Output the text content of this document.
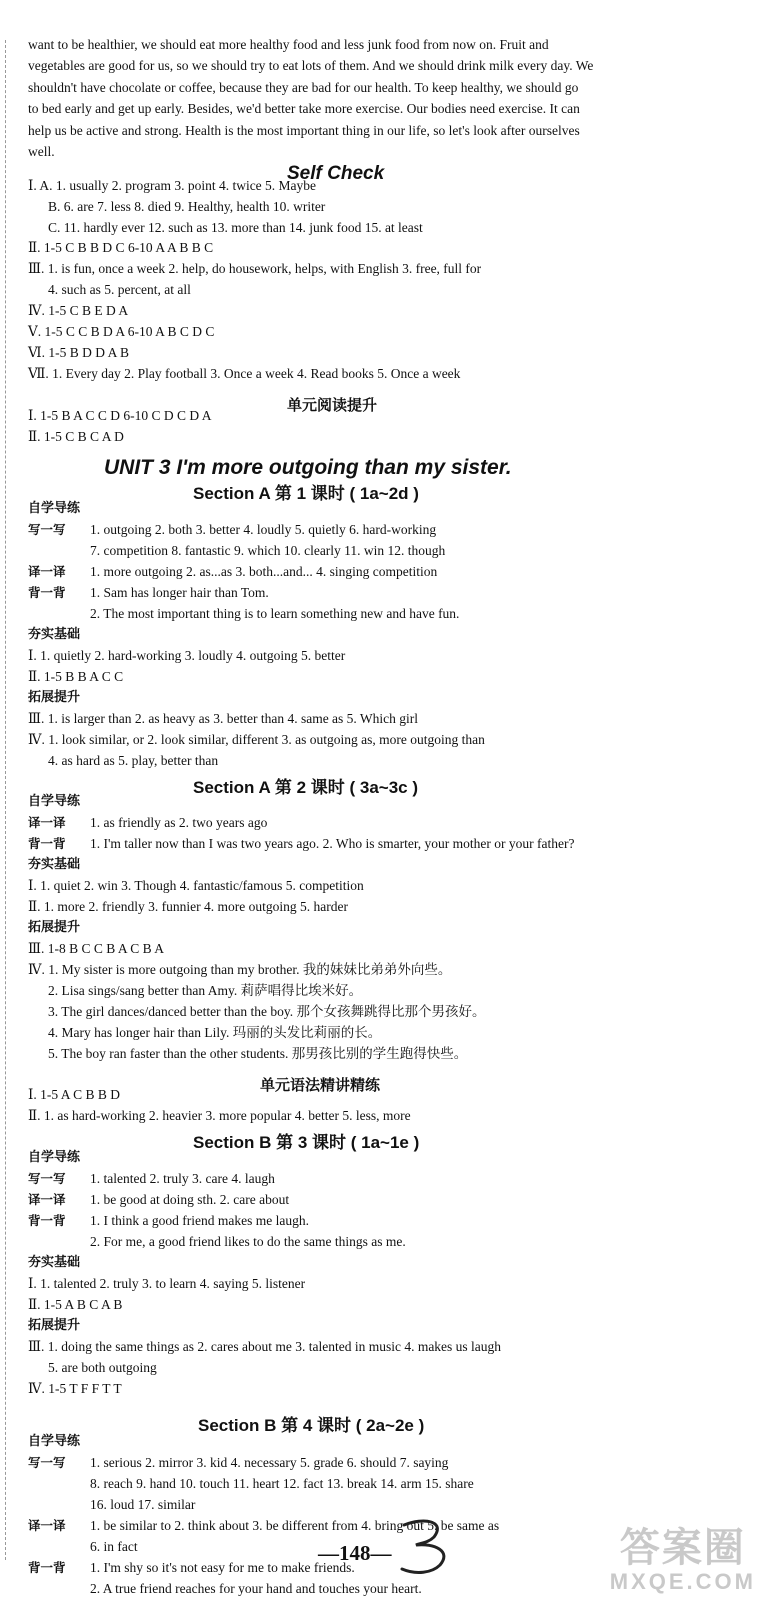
want to be healthier, we should eat more healthy food and less junk food from now on. Fruit and
vegetables are good for us, so we should try to eat lots of them. And we should drink milk every day. We
shouldn't have chocolate or coffee, because they are bad for our health. To keep healthy, we should go
to bed early and get up early. Besides, we'd better take more exercise. Our bodies need exercise. It can
help us be active and strong. Health is the most important thing in our life, so let's look after ourselves
well.
Self Check
Ⅰ. A. 1. usually 2. program 3. point 4. twice 5. Maybe
B. 6. are 7. less 8. died 9. Healthy, health 10. writer
C. 11. hardly ever 12. such as 13. more than 14. junk food 15. at least
Ⅱ. 1-5 C B B D C 6-10 A A B B C
Ⅲ. 1. is fun, once a week 2. help, do housework, helps, with English 3. free, full for
4. such as 5. percent, at all
Ⅳ. 1-5 C B E D A
Ⅴ. 1-5 C C B D A 6-10 A B C D C
Ⅵ. 1-5 B D D A B
Ⅶ. 1. Every day 2. Play football 3. Once a week 4. Read books 5. Once a week
单元阅读提升
Ⅰ. 1-5 B A C C D 6-10 C D C D A
Ⅱ. 1-5 C B C A D
UNIT 3 I'm more outgoing than my sister.
Section A 第 1 课时 ( 1a~2d )
自学导练
写一写 1. outgoing 2. both 3. better 4. loudly 5. quietly 6. hard-working
7. competition 8. fantastic 9. which 10. clearly 11. win 12. though
译一译 1. more outgoing 2. as...as 3. both...and... 4. singing competition
背一背 1. Sam has longer hair than Tom.
2. The most important thing is to learn something new and have fun.
夯实基础
Ⅰ. 1. quietly 2. hard-working 3. loudly 4. outgoing 5. better
Ⅱ. 1-5 B B A C C
拓展提升
Ⅲ. 1. is larger than 2. as heavy as 3. better than 4. same as 5. Which girl
Ⅳ. 1. look similar, or 2. look similar, different 3. as outgoing as, more outgoing than
4. as hard as 5. play, better than
Section A 第 2 课时 ( 3a~3c )
自学导练
译一译 1. as friendly as 2. two years ago
背一背 1. I'm taller now than I was two years ago. 2. Who is smarter, your mother or your father?
夯实基础
Ⅰ. 1. quiet 2. win 3. Though 4. fantastic/famous 5. competition
Ⅱ. 1. more 2. friendly 3. funnier 4. more outgoing 5. harder
拓展提升
Ⅲ. 1-8 B C C B A C B A
Ⅳ. 1. My sister is more outgoing than my brother. 我的妹妹比弟弟外向些。
2. Lisa sings/sang better than Amy. 莉萨唱得比埃米好。
3. The girl dances/danced better than the boy. 那个女孩舞跳得比那个男孩好。
4. Mary has longer hair than Lily. 玛丽的头发比莉丽的长。
5. The boy ran faster than the other students. 那男孩比别的学生跑得快些。
单元语法精讲精练
Ⅰ. 1-5 A C B B D
Ⅱ. 1. as hard-working 2. heavier 3. more popular 4. better 5. less, more
Section B 第 3 课时 ( 1a~1e )
自学导练
写一写 1. talented 2. truly 3. care 4. laugh
译一译 1. be good at doing sth. 2. care about
背一背 1. I think a good friend makes me laugh.
2. For me, a good friend likes to do the same things as me.
夯实基础
Ⅰ. 1. talented 2. truly 3. to learn 4. saying 5. listener
Ⅱ. 1-5 A B C A B
拓展提升
Ⅲ. 1. doing the same things as 2. cares about me 3. talented in music 4. makes us laugh
5. are both outgoing
Ⅳ. 1-5 T F F T T
Section B 第 4 课时 ( 2a~2e )
自学导练
写一写 1. serious 2. mirror 3. kid 4. necessary 5. grade 6. should 7. saying
8. reach 9. hand 10. touch 11. heart 12. fact 13. break 14. arm 15. share
16. loud 17. similar
译一译 1. be similar to 2. think about 3. be different from 4. bring out 5. be same as
6. in fact
背一背 1. I'm shy so it's not easy for me to make friends.
2. A true friend reaches for your hand and touches your heart.
—148—	答案圈
MXQE.COM
